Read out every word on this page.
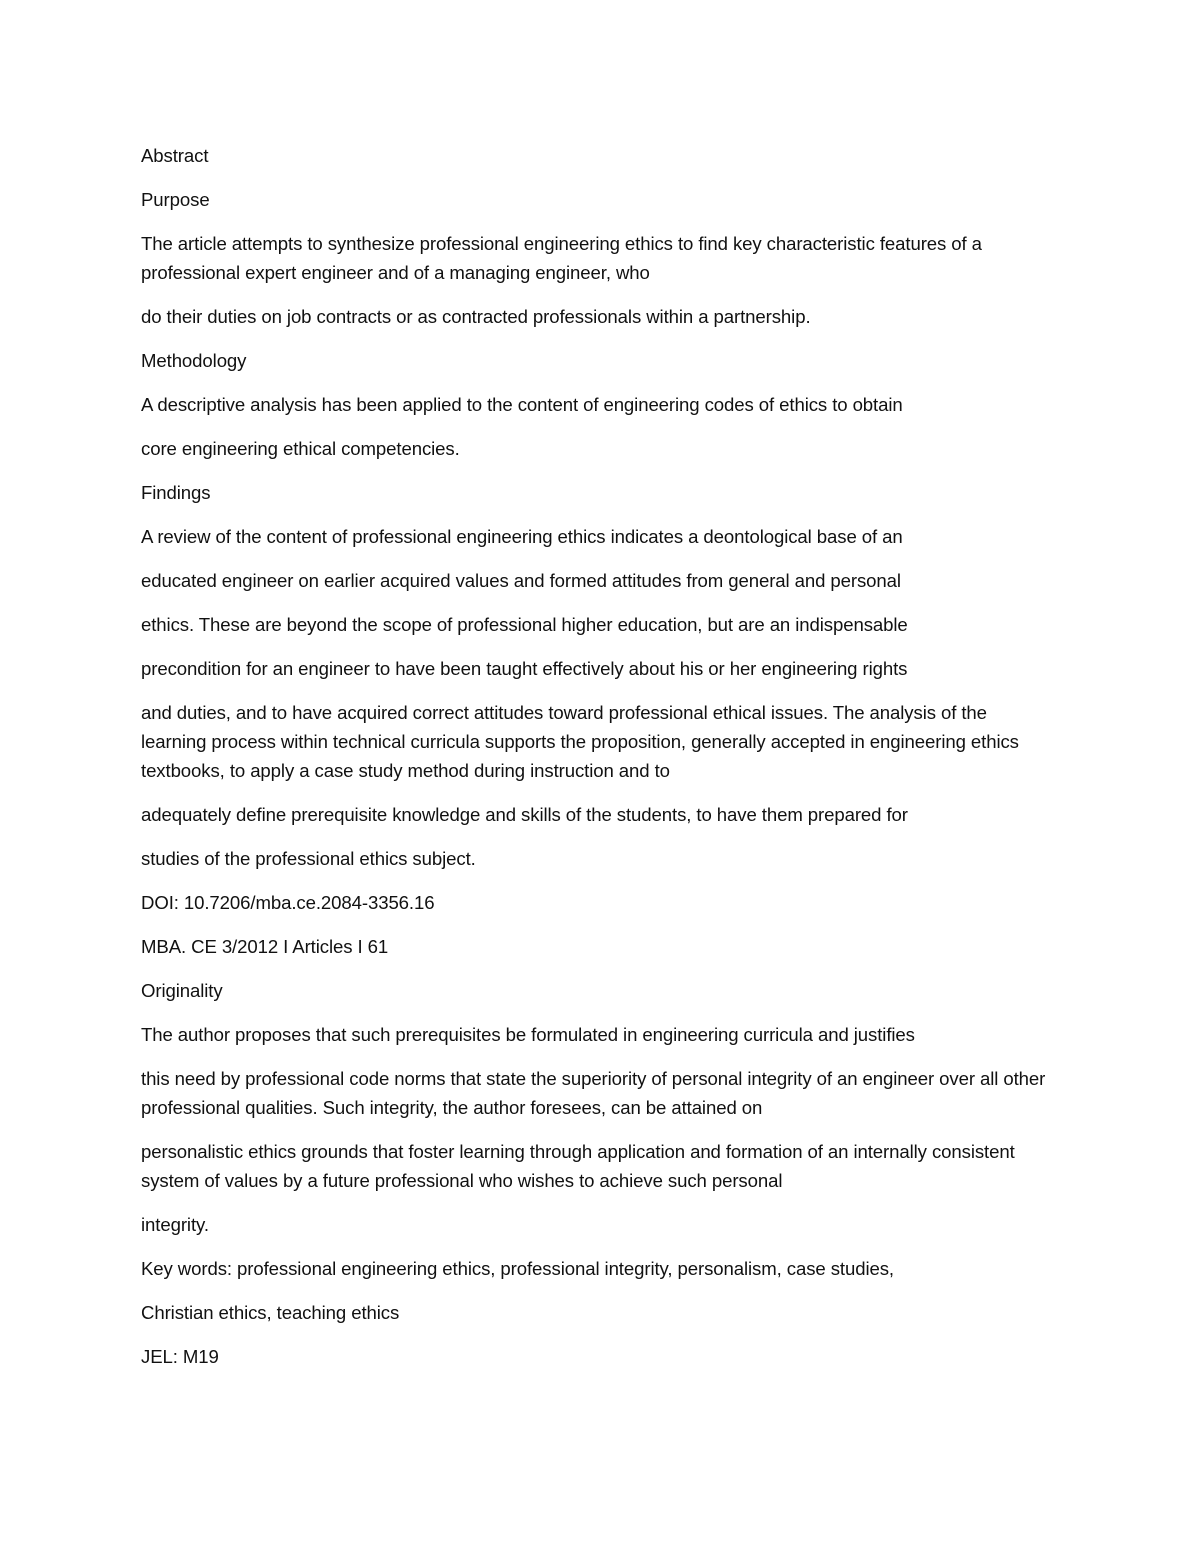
Abstract

Purpose

The article attempts to synthesize professional engineering ethics to find key characteristic features of a professional expert engineer and of a managing engineer, who

do their duties on job contracts or as contracted professionals within a partnership.

Methodology

A descriptive analysis has been applied to the content of engineering codes of ethics to obtain

core engineering ethical competencies.

Findings

A review of the content of professional engineering ethics indicates a deontological base of an

educated engineer on earlier acquired values and formed attitudes from general and personal

ethics. These are beyond the scope of professional higher education, but are an indispensable

precondition for an engineer to have been taught effectively about his or her engineering rights

and duties, and to have acquired correct attitudes toward professional ethical issues. The analysis of the learning process within technical curricula supports the proposition, generally accepted in engineering ethics textbooks, to apply a case study method during instruction and to

adequately define prerequisite knowledge and skills of the students, to have them prepared for

studies of the professional ethics subject.

DOI: 10.7206/mba.ce.2084-3356.16

MBA. CE 3/2012 I Articles I 61

Originality

The author proposes that such prerequisites be formulated in engineering curricula and justifies

this need by professional code norms that state the superiority of personal integrity of an engineer over all other professional qualities. Such integrity, the author foresees, can be attained on

personalistic ethics grounds that foster learning through application and formation of an internally consistent system of values by a future professional who wishes to achieve such personal

integrity.

Key words: professional engineering ethics, professional integrity, personalism, case studies,

Christian ethics, teaching ethics

JEL: M19
